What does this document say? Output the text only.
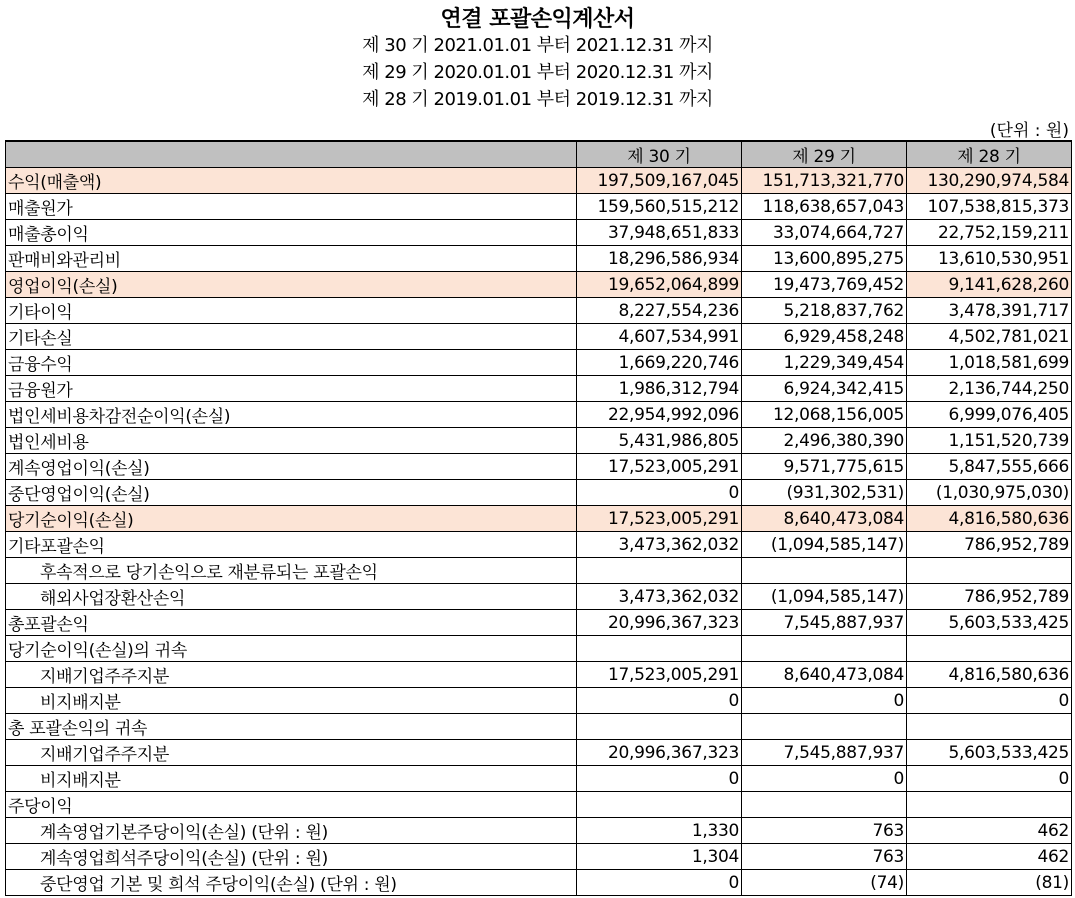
연결 포괄손익계산서
제 30 기 2021.01.01 부터 2021.12.31 까지
제 29 기 2020.01.01 부터 2020.12.31 까지
제 28 기 2019.01.01 부터 2019.12.31 까지
(단위 : 원)
	제 30 기	제 29 기	제 28 기
수익(매출액)	197,509,167,045	151,713,321,770	130,290,974,584
매출원가	159,560,515,212	118,638,657,043	107,538,815,373
매출총이익	37,948,651,833	33,074,664,727	22,752,159,211
판매비와관리비	18,296,586,934	13,600,895,275	13,610,530,951
영업이익(손실)	19,652,064,899	19,473,769,452	9,141,628,260
기타이익	8,227,554,236	5,218,837,762	3,478,391,717
기타손실	4,607,534,991	6,929,458,248	4,502,781,021
금융수익	1,669,220,746	1,229,349,454	1,018,581,699
금융원가	1,986,312,794	6,924,342,415	2,136,744,250
법인세비용차감전순이익(손실)	22,954,992,096	12,068,156,005	6,999,076,405
법인세비용	5,431,986,805	2,496,380,390	1,151,520,739
계속영업이익(손실)	17,523,005,291	9,571,775,615	5,847,555,666
중단영업이익(손실)	0	(931,302,531)	(1,030,975,030)
당기순이익(손실)	17,523,005,291	8,640,473,084	4,816,580,636
기타포괄손익	3,473,362,032	(1,094,585,147)	786,952,789
후속적으로 당기손익으로 재분류되는 포괄손익			
해외사업장환산손익	3,473,362,032	(1,094,585,147)	786,952,789
총포괄손익	20,996,367,323	7,545,887,937	5,603,533,425
당기순이익(손실)의 귀속			
지배기업주주지분	17,523,005,291	8,640,473,084	4,816,580,636
비지배지분	0	0	0
총 포괄손익의 귀속			
지배기업주주지분	20,996,367,323	7,545,887,937	5,603,533,425
비지배지분	0	0	0
주당이익			
계속영업기본주당이익(손실) (단위 : 원)	1,330	763	462
계속영업희석주당이익(손실) (단위 : 원)	1,304	763	462
중단영업 기본 및 희석 주당이익(손실) (단위 : 원)	0	(74)	(81)
